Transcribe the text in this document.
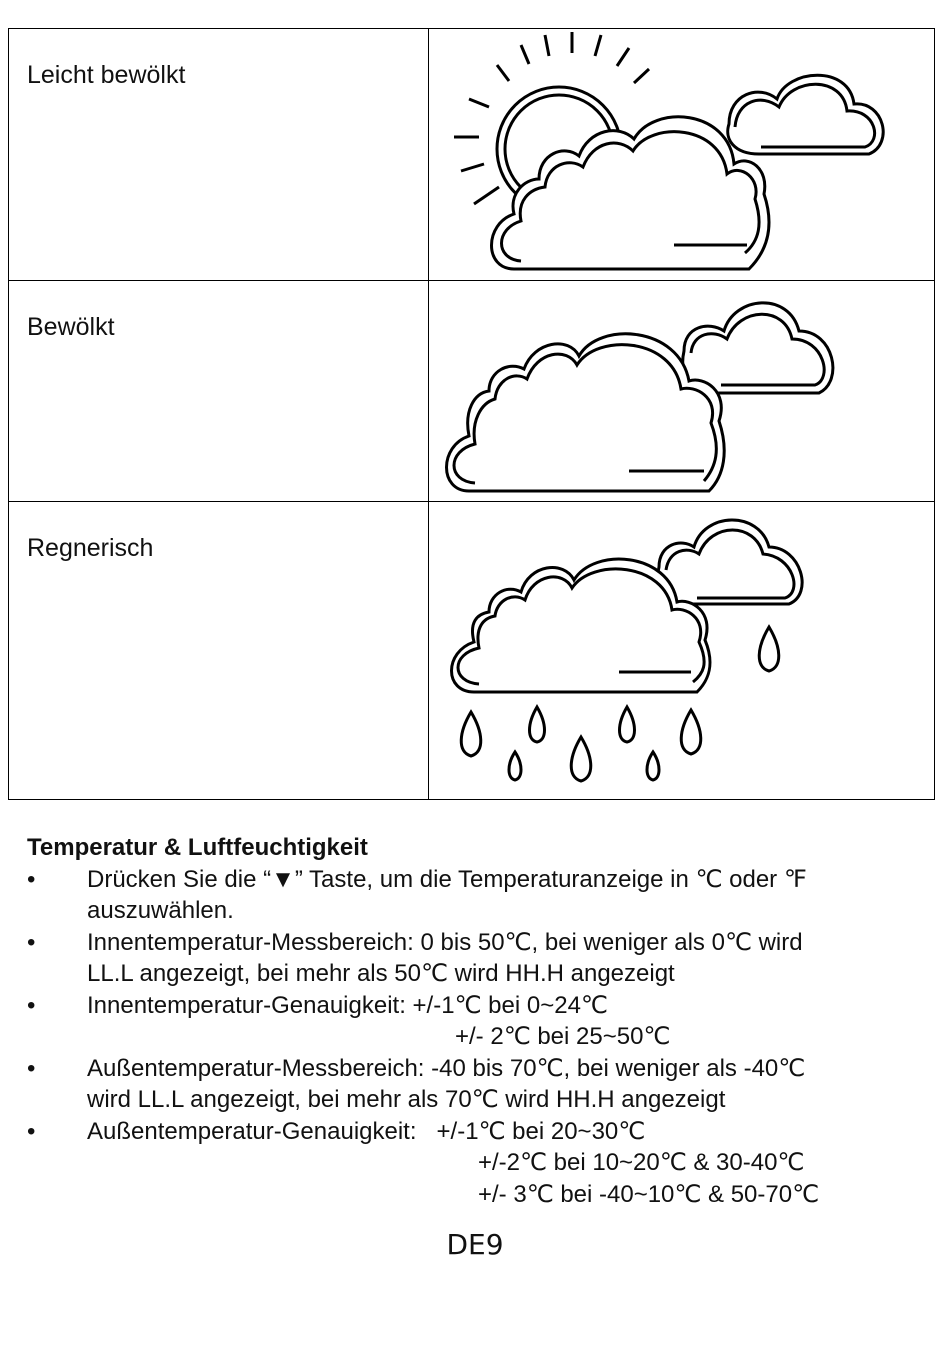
Leicht bewölkt

Bewölkt

Regnerisch

Temperatur & Luftfeuchtigkeit
• Drücken Sie die “▼” Taste, um die Temperaturanzeige in ℃ oder ℉
auszuwählen.
• Innentemperatur-Messbereich: 0 bis 50℃, bei weniger als 0℃ wird
LL.L angezeigt, bei mehr als 50℃ wird HH.H angezeigt
• Innentemperatur-Genauigkeit: +/-1℃ bei 0~24℃
+/- 2℃ bei 25~50℃
• Außentemperatur-Messbereich: -40 bis 70℃, bei weniger als -40℃
wird LL.L angezeigt, bei mehr als 70℃ wird HH.H angezeigt
• Außentemperatur-Genauigkeit:   +/-1℃ bei 20~30℃
+/-2℃ bei 10~20℃ & 30-40℃
+/- 3℃ bei -40~10℃ & 50-70℃
DE9
